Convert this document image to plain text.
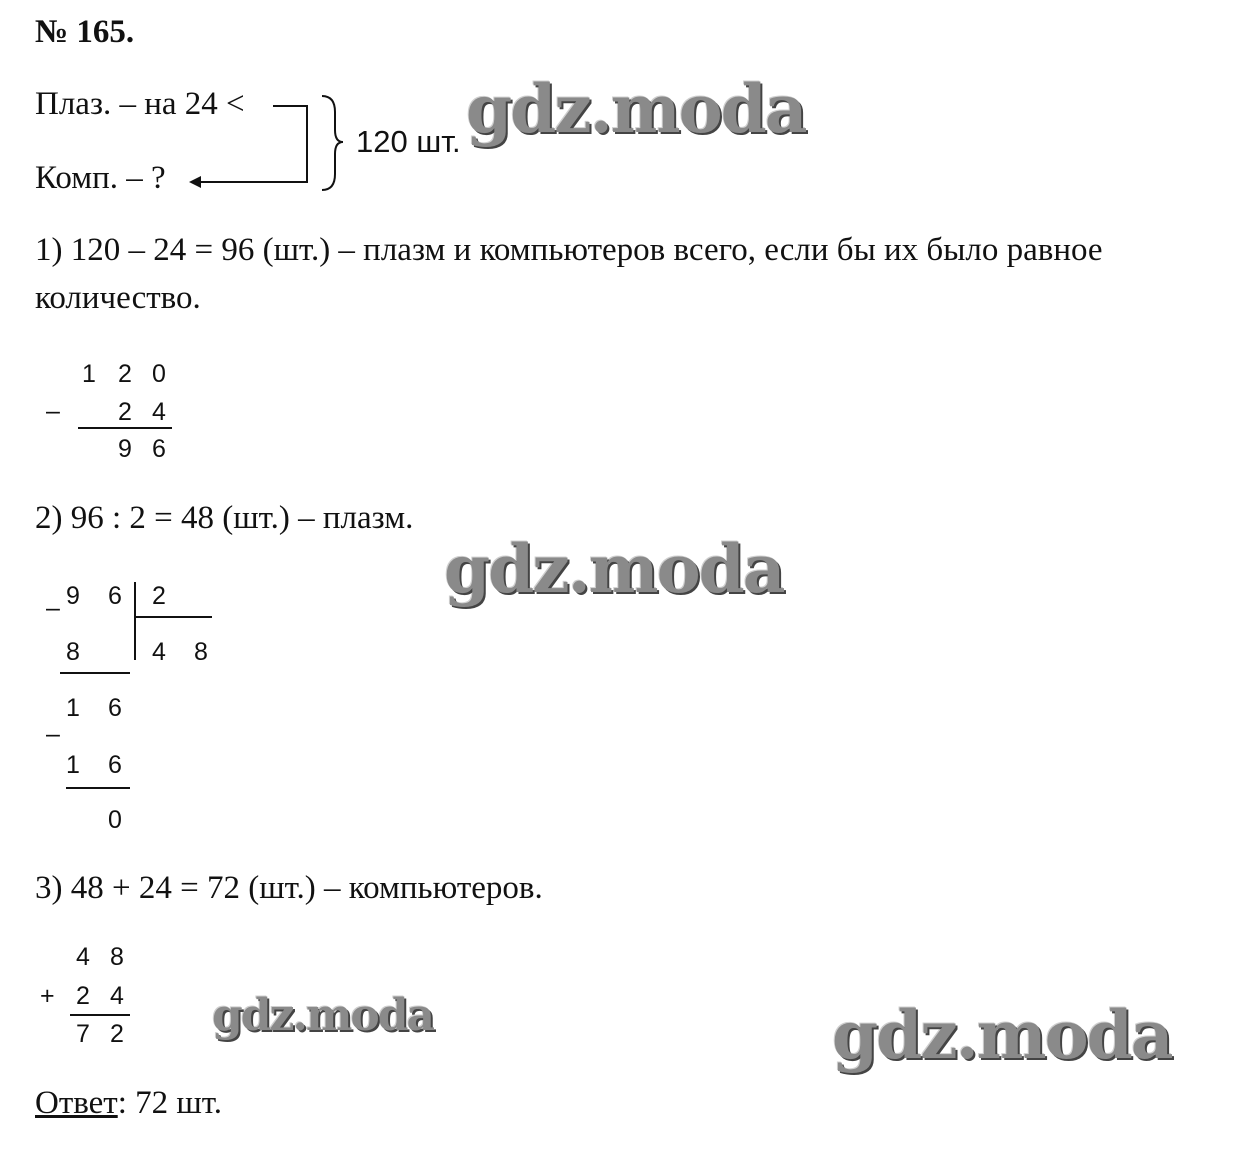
№ 165.
Плаз. – на 24 <
Комп. – ?
120 шт.
1) 120 – 24 = 96 (шт.) – плазм и компьютеров всего, если бы их было равное
количество.
1 2 0
– 2 4
9 6
2) 96 : 2 = 48 (шт.) – плазм.
– 9 6 2
8	4 8
1 6
–
1 6
0
3) 48 + 24 = 72 (шт.) – компьютеров.
4 8
+ 2 4
7 2
Ответ: 72 шт.
gdz.moda
gdz.moda
gdz.moda	gdz.moda
